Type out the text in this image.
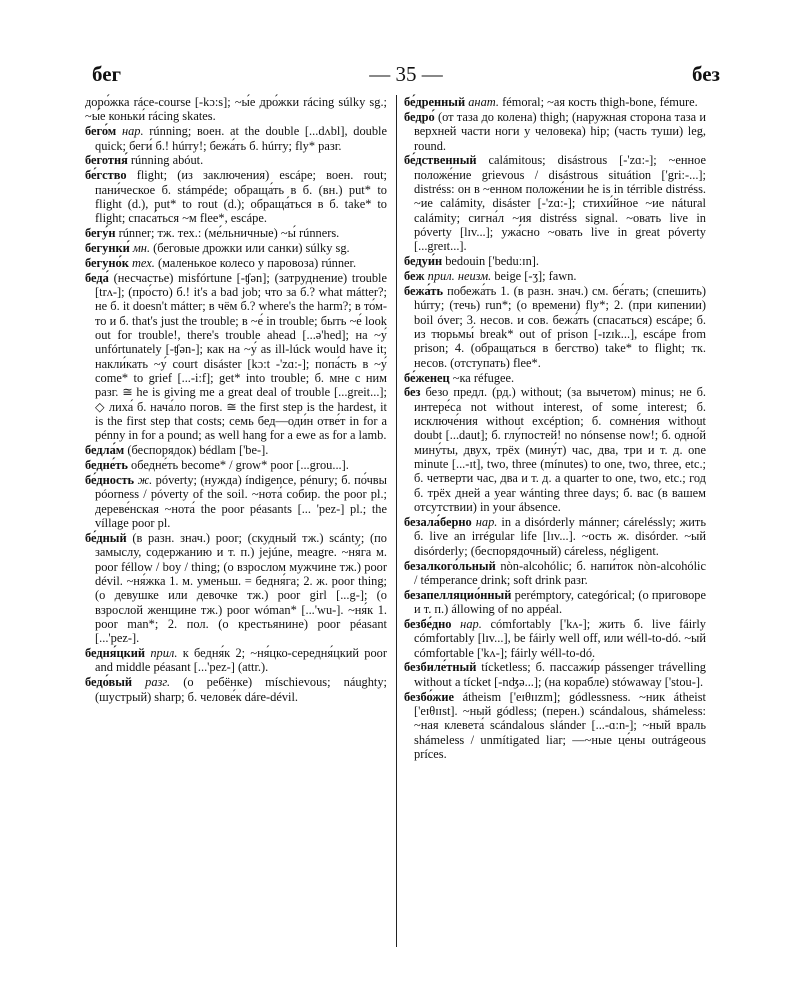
бег	— 35 —	без
доро́жка ráce-course [-kɔ:s]; ~ы́е дро́жки rácing súlky sg.; ~ы́е коньки́ rácing skates.
бего́м нар. rúnning; воен. at the double [...dʌbl], double quick; беги́ б.! húrry!; бежа́ть б. húrry; fly* разг.
беготня́ rúnning abóut.
бе́гство flight; (из заключения) escápe; воен. rout; пани́ческое б. stámpéde; обраща́ть в б. (вн.) put* to flight (d.), put* to rout (d.); обраща́ться в б. take* to flight; спаса́ться ~м flee*, escápe.
бегу́н rúnner; тж. тех.: (ме́льничные) ~ы́ rúnners.
бегунки́ мн. (беговые дрожки или санки) súlky sg.
бегуно́к тех. (маленькое колесо у паровоза) rúnner.
беда́ (несчастье) misfórtune [-ʧən]; (затруднение) trouble [trʌ-]; (про́сто) б.! it's a bad job; что за б.? what mátter?; не б. it doesn't mátter; в чём б.? where's the harm?; в то́м-то и б. that's just the trouble; в ~е́ in trouble; быть ~е́ look out for trouble!, there's trouble ahead [...ə'hed]; на ~у́ unfórtunately [-ʧən-]; как на ~у́ as ill-lúck would have it; накли́кать ~у́ court disáster [kɔ:t -'zɑ:-]; попа́сть в ~у́ come* to grief [...-i:f]; get* into trouble; б. мне с ним разг. ≅ he is giving me a great deal of trouble [...greit...]; ◇ лиха́ б. нача́ло погов. ≅ the first step is the hardest, it is the first step that costs; семь бед—оди́н отве́т in for a pénny in for a pound; as well hang for a ewe as for a lamb.
бедла́м (беспорядок) bédlam ['be-].
бедне́ть обедне́ть become* / grow* poor [...grou...].
бе́дность ж. póverty; (нужда) índigence, pénury; б. по́чвы póorness / póverty of the soil. ~нота́ собир. the poor pl.; дереве́нская ~нота́ the poor péasants [... 'pez-] pl.; the víllage poor pl.
бе́дный (в разн. знач.) poor; (скудный тж.) scánty; (по замыслу, содержанию и т. п.) jejúne, meagre. ~ня́га м. poor féllow / boy / thing; (о взрослом мужчине тж.) poor dévil. ~ня́жка 1. м. уменьш. = бедня́га; 2. ж. poor thing; (о девушке или девочке тж.) poor girl [...g-]; (о взрослой женщине тж.) poor wóman* [...'wu-]. ~ня́к 1. poor man*; 2. пол. (о крестьянине) poor péasant [...'pez-].
бедня́цкий прил. к бедня́к 2; ~ня́цко-середня́цкий poor and middle péasant [...'pez-] (attr.).
бедо́вый разг. (о ребёнке) míschievous; náughty; (шустрый) sharp; б. челове́к dáre-dévil.
бе́дренный анат. fémoral; ~ая кость thigh-bone, fémure.
бедро́ (от таза до колена) thigh; (наружная сторона таза и верхней части ноги у человека) hip; (часть туши) leg, round.
бе́дственный calámitous; disástrous [-'zɑ:-]; ~енное положе́ние grievous / disástrous situátion ['gri:-...]; distréss: он в ~енном положе́нии he is in térrible distréss. ~ие calámity, disáster [-'zɑ:-]; стихи́йное ~ие nátural calámity; сигна́л ~ия distréss signal. ~овать live in póverty [lɪv...]; ужа́сно ~овать live in great póverty [...greɪt...].
бедуи́н bedouin ['beduːɪn].
беж прил. неизм. beige [-ʒ]; fawn.
бежа́ть побежа́ть 1. (в разн. знач.) см. бе́гать; (спешить) húrry; (течь) run*; (о времени) fly*; 2. (при кипении) boil óver; 3. несов. и сов. бежа́ть (спасаться) escápe; б. из тюрьмы́ break* out of prison [-ɪzɪk...], escápe from prison; 4. (обращаться в бегство) take* to flight; тк. несов. (отступать) flee*.
бе́женец ~ка réfugee.
без безо предл. (рд.) without; (за вычетом) minus; не б. интере́са not without interest, of some interest; б. исключе́ния without excéption; б. сомне́ния without doubt [...daut]; б. глу́постей! no nónsense now!; б. одно́й мину́ты, двух, трёх (мину́т) час, два, три и т. д. one minute [...-ɪt], two, three (mínutes) to one, two, three, etc.; б. четверти час, два и т. д. a quarter to one, two, etc.; год б. трёх дней a year wánting three days; б. вас (в вашем отсутствии) in your ábsence.
безала́берно нар. in a disórderly mánner; cáreléssly; жить б. live an irrégular life [lɪv...]. ~ость ж. disórder. ~ый disórderly; (беспорядочный) cáreless, négligent.
безалкого́льный nòn-alcohólic; б. напи́ток nòn-alcohólic / témperance drink; soft drink разг.
безапелляцио́нный perémptory, categórical; (о приговоре и т. п.) állowing of no appéal.
безбе́дно нар. cómfortably ['kʌ-]; жить б. live fáirly cómfortably [lɪv...], be fáirly well off, или wéll-to-dó. ~ый cómfortable ['kʌ-]; fáirly wéll-to-dó.
безбиле́тный tícketless; б. пассажи́р pássenger trávelling without a tícket [-nʤə...]; (на корабле) stówaway ['stou-].
безбо́жие átheism ['eɪθɪɪzm]; gódlessness. ~ник átheist ['eɪθɪɪst]. ~ный gódless; (перен.) scándalous, shámeless: ~ная клевета́ scándalous slánder [...-ɑ:n-]; ~ный враль shámeless / unmítigated liar; —~ные це́ны outrágeous príces.
